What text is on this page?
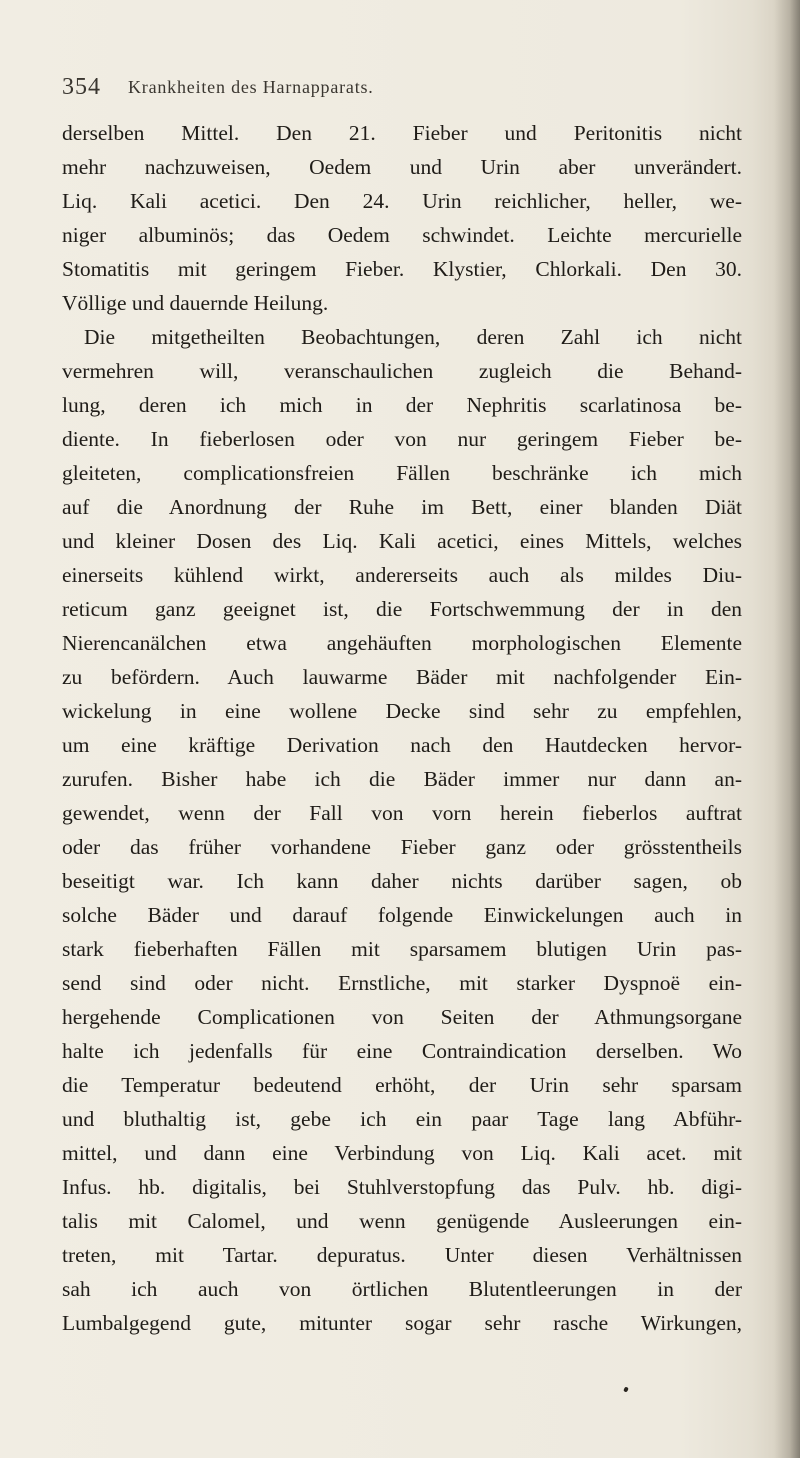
354 Krankheiten des Harnapparats.
derselben Mittel. Den 21. Fieber und Peritonitis nicht
mehr nachzuweisen, Oedem und Urin aber unverändert.
Liq. Kali acetici. Den 24. Urin reichlicher, heller, we-
niger albuminös; das Oedem schwindet. Leichte mercurielle
Stomatitis mit geringem Fieber. Klystier, Chlorkali. Den 30.
Völlige und dauernde Heilung.
Die mitgetheilten Beobachtungen, deren Zahl ich nicht
vermehren will, veranschaulichen zugleich die Behand-
lung, deren ich mich in der Nephritis scarlatinosa be-
diente. In fieberlosen oder von nur geringem Fieber be-
gleiteten, complicationsfreien Fällen beschränke ich mich
auf die Anordnung der Ruhe im Bett, einer blanden Diät
und kleiner Dosen des Liq. Kali acetici, eines Mittels, welches
einerseits kühlend wirkt, andererseits auch als mildes Diu-
reticum ganz geeignet ist, die Fortschwemmung der in den
Nierencanälchen etwa angehäuften morphologischen Elemente
zu befördern. Auch lauwarme Bäder mit nachfolgender Ein-
wickelung in eine wollene Decke sind sehr zu empfehlen,
um eine kräftige Derivation nach den Hautdecken hervor-
zurufen. Bisher habe ich die Bäder immer nur dann an-
gewendet, wenn der Fall von vorn herein fieberlos auftrat
oder das früher vorhandene Fieber ganz oder grösstentheils
beseitigt war. Ich kann daher nichts darüber sagen, ob
solche Bäder und darauf folgende Einwickelungen auch in
stark fieberhaften Fällen mit sparsamem blutigen Urin pas-
send sind oder nicht. Ernstliche, mit starker Dyspnoë ein-
hergehende Complicationen von Seiten der Athmungsorgane
halte ich jedenfalls für eine Contraindication derselben. Wo
die Temperatur bedeutend erhöht, der Urin sehr sparsam
und bluthaltig ist, gebe ich ein paar Tage lang Abführ-
mittel, und dann eine Verbindung von Liq. Kali acet. mit
Infus. hb. digitalis, bei Stuhlverstopfung das Pulv. hb. digi-
talis mit Calomel, und wenn genügende Ausleerungen ein-
treten, mit Tartar. depuratus. Unter diesen Verhältnissen
sah ich auch von örtlichen Blutentleerungen in der
Lumbalgegend gute, mitunter sogar sehr rasche Wirkungen,
